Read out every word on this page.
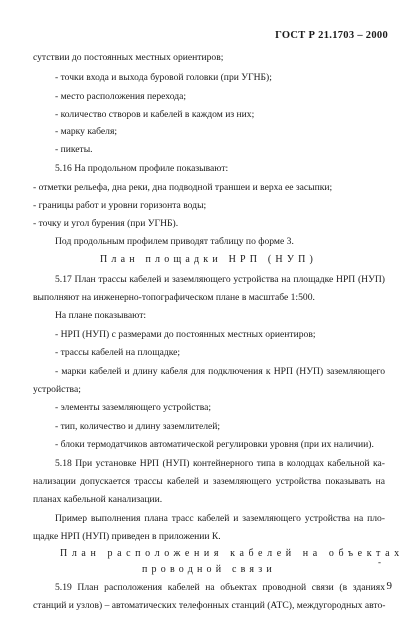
ГОСТ Р 21.1703 – 2000
сутствии до постоянных местных ориентиров;
- точки входа и выхода буровой головки (при УГНБ);
- место расположения перехода;
- количество створов и кабелей в каждом из них;
- марку кабеля;
- пикеты.
5.16 На продольном профиле показывают:
- отметки рельефа, дна реки, дна подводной траншеи и верха ее засыпки;
- границы работ и уровни горизонта воды;
- точку и угол бурения (при УГНБ).
Под продольным профилем приводят таблицу по форме 3.
План площадки НРП (НУП)
5.17 План трассы кабелей и заземляющего устройства на площадке НРП (НУП)
выполняют на инженерно-топографическом плане в масштабе 1:500.
На плане показывают:
- НРП (НУП) с размерами до постоянных местных ориентиров;
- трассы кабелей на площадке;
- марки кабелей и длину кабеля для подключения к НРП (НУП) заземляющего
устройства;
- элементы заземляющего устройства;
- тип, количество и длину заземлителей;
- блоки термодатчиков автоматической регулировки уровня (при их наличии).
5.18 При установке НРП (НУП) контейнерного типа в колодцах кабельной ка-
нализации допускается трассы кабелей и заземляющего устройства показывать на
планах кабельной канализации.
Пример выполнения плана трасс кабелей и заземляющего устройства на пло-
щадке НРП (НУП) приведен в приложении К.
План расположения кабелей на объектах
проводной связи
-
5.19 План расположения кабелей на объектах проводной связи (в зданиях
станций и узлов) – автоматических телефонных станций (АТС), междугородных авто-
9
